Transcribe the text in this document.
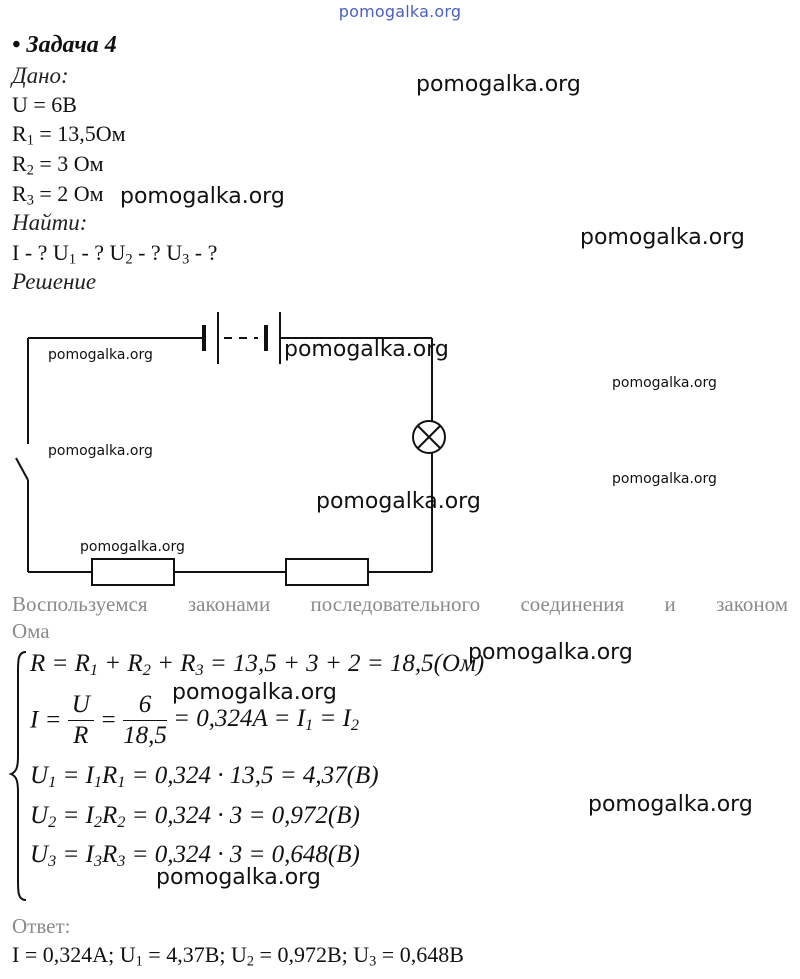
pomogalka.org
• Задача 4
Дано:
U = 6В
$R_1 = 13,5Ом$
$R_2 = 3$ Ом
$R_3 = 2$ Ом
Найти:
I - ? $U_1$ - ? $U_2$ - ? $U_3$ - ?
Решение
Воспользуемся законами последовательного соединения и законом
Ома
$R = R_1 + R_2 + R_3 = 13,5 + 3 + 2 = 18,5(Ом)$
$I = \frac{U}{R} = \frac{6}{18,5} = 0,324A = I_1 = I_2$
$U_1 = I_1R_1 = 0,324 \cdot 13,5 = 4,37(B)$
$U_2 = I_2R_2 = 0,324 \cdot 3 = 0,972(B)$
$U_3 = I_3R_3 = 0,324 \cdot 3 = 0,648(B)$
Ответ:
I = 0,324A; $U_1 = 4,37B$; $U_2 = 0,972B$; $U_3 = 0,648B$
pomogalka.org
pomogalka.org
pomogalka.org
pomogalka.org	pomogalka.org
pomogalka.org
pomogalka.org
pomogalka.org
pomogalka.org
pomogalka.org
pomogalka.org
pomogalka.org
pomogalka.org
pomogalka.org
